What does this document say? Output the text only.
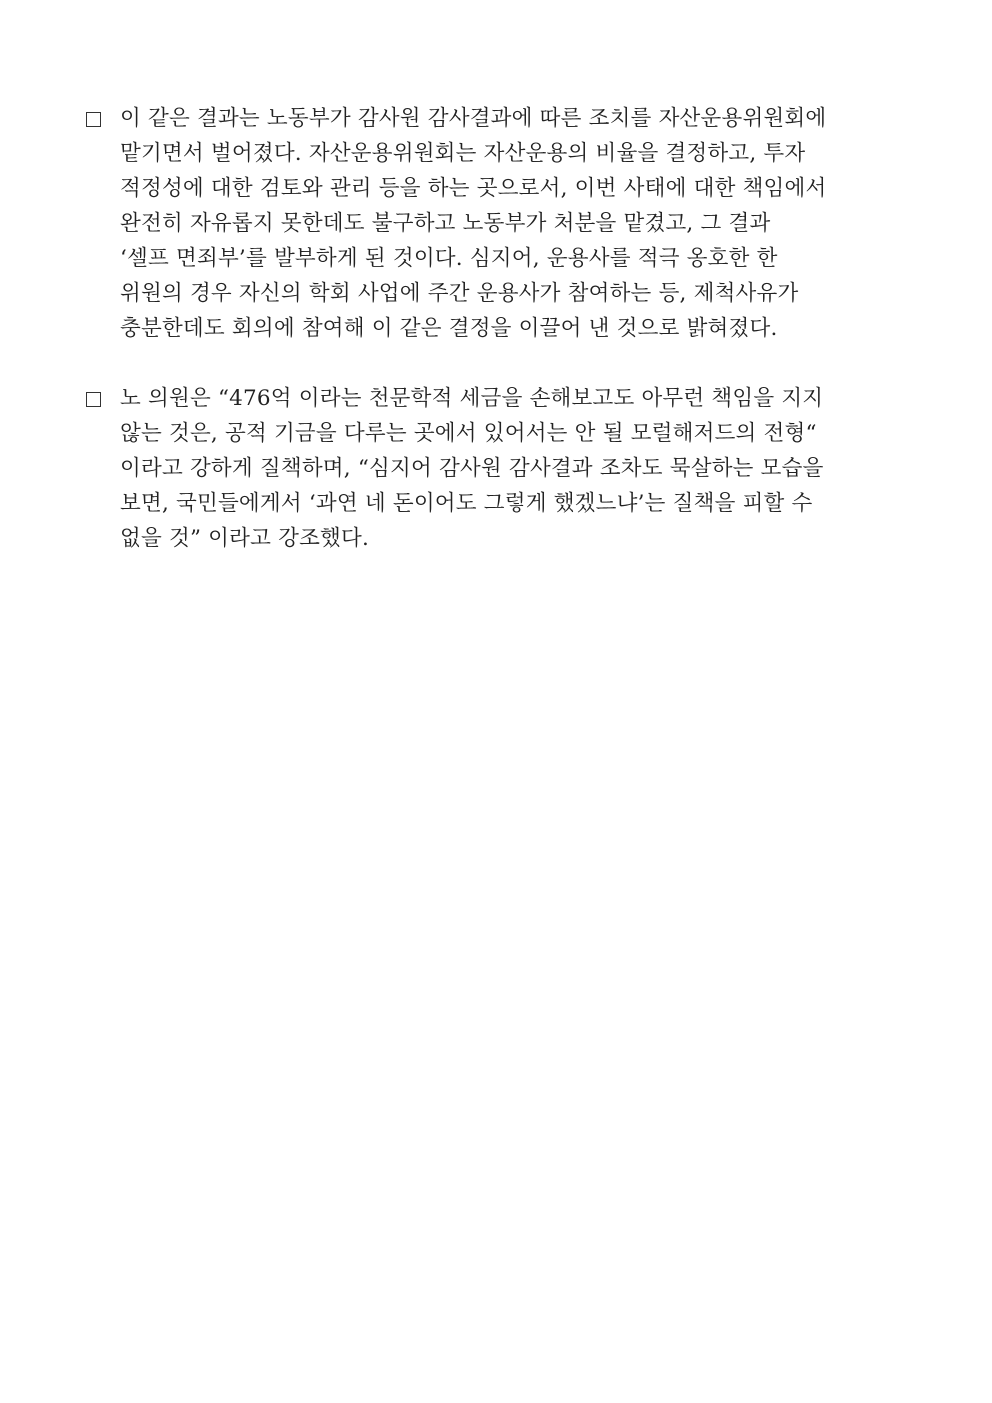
이 같은 결과는 노동부가 감사원 감사결과에 따른 조치를 자산운용위원회에
맡기면서 벌어졌다. 자산운용위원회는 자산운용의 비율을 결정하고, 투자
적정성에 대한 검토와 관리 등을 하는 곳으로서, 이번 사태에 대한 책임에서
완전히 자유롭지 못한데도 불구하고 노동부가 처분을 맡겼고, 그 결과
‘셀프 면죄부’를 발부하게 된 것이다. 심지어, 운용사를 적극 옹호한 한
위원의 경우 자신의 학회 사업에 주간 운용사가 참여하는 등, 제척사유가
충분한데도 회의에 참여해 이 같은 결정을 이끌어 낸 것으로 밝혀졌다.
노 의원은 “476억 이라는 천문학적 세금을 손해보고도 아무런 책임을 지지
않는 것은, 공적 기금을 다루는 곳에서 있어서는 안 될 모럴해저드의 전형“
이라고 강하게 질책하며, “심지어 감사원 감사결과 조차도 묵살하는 모습을
보면, 국민들에게서 ‘과연 네 돈이어도 그렇게 했겠느냐’는 질책을 피할 수
없을 것” 이라고 강조했다.
